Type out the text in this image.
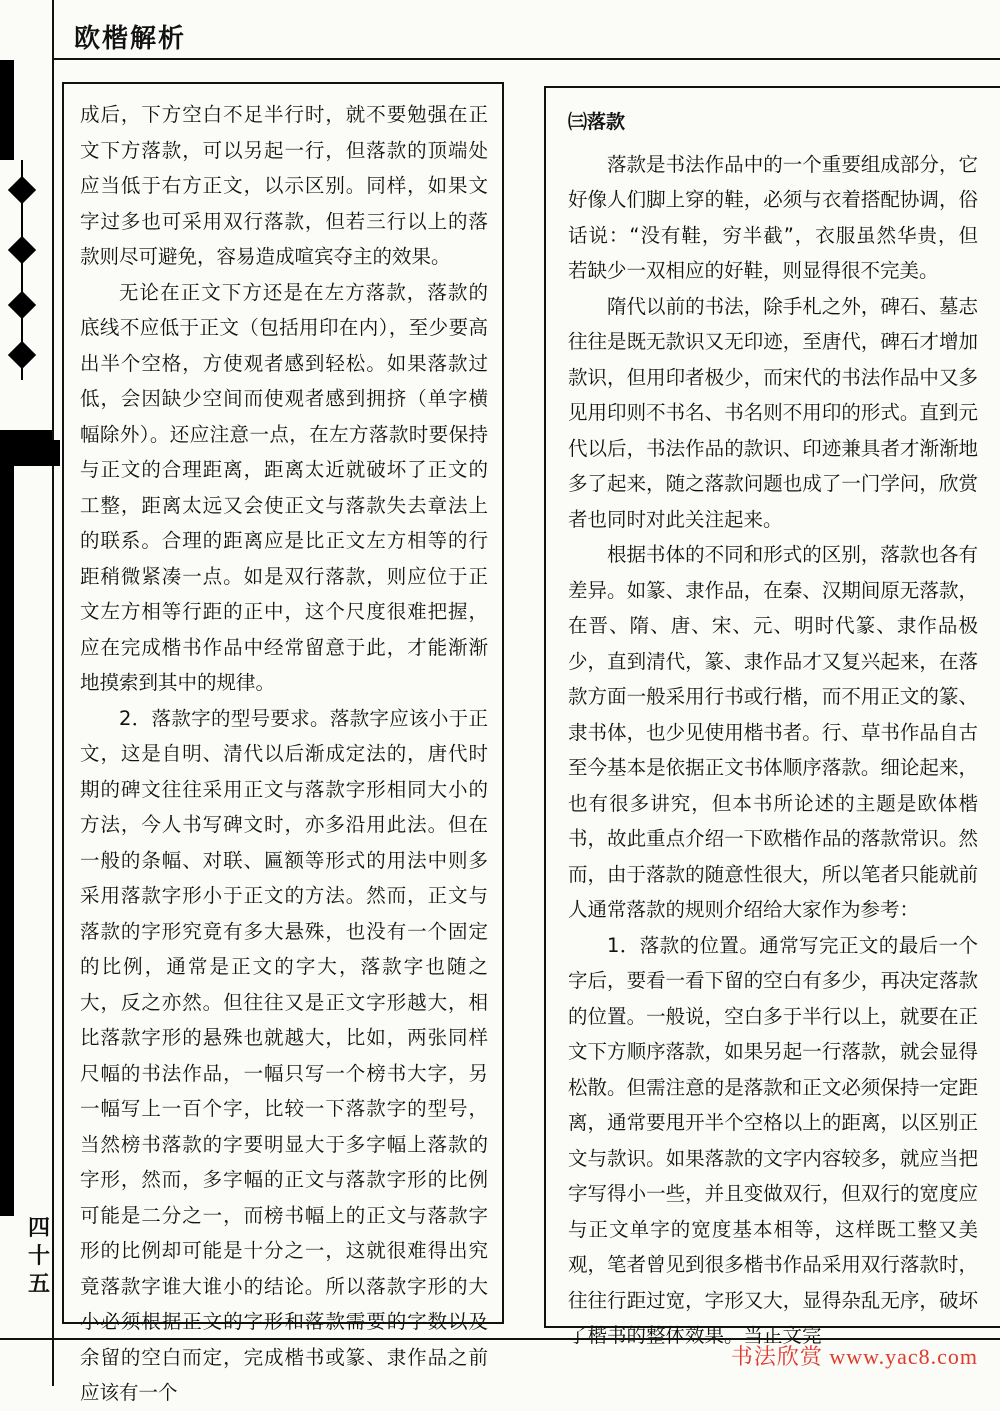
欧楷解析
四十五

成后，下方空白不足半行时，就不要勉强在正文下方落款，可以另起一行，但落款的顶端处应当低于右方正文，以示区别。同样，如果文字过多也可采用双行落款，但若三行以上的落款则尽可避免，容易造成喧宾夺主的效果。

无论在正文下方还是在左方落款，落款的底线不应低于正文（包括用印在内），至少要高出半个空格，方使观者感到轻松。如果落款过低，会因缺少空间而使观者感到拥挤（单字横幅除外）。还应注意一点，在左方落款时要保持与正文的合理距离，距离太近就破坏了正文的工整，距离太远又会使正文与落款失去章法上的联系。合理的距离应是比正文左方相等的行距稍微紧凑一点。如是双行落款，则应位于正文左方相等行距的正中，这个尺度很难把握，应在完成楷书作品中经常留意于此，才能渐渐地摸索到其中的规律。

2．落款字的型号要求。落款字应该小于正文，这是自明、清代以后渐成定法的，唐代时期的碑文往往采用正文与落款字形相同大小的方法，今人书写碑文时，亦多沿用此法。但在一般的条幅、对联、匾额等形式的用法中则多采用落款字形小于正文的方法。然而，正文与落款的字形究竟有多大悬殊，也没有一个固定的比例，通常是正文的字大，落款字也随之大，反之亦然。但往往又是正文字形越大，相比落款字形的悬殊也就越大，比如，两张同样尺幅的书法作品，一幅只写一个榜书大字，另一幅写上一百个字，比较一下落款字的型号，当然榜书落款的字要明显大于多字幅上落款的字形，然而，多字幅的正文与落款字形的比例可能是二分之一，而榜书幅上的正文与落款字形的比例却可能是十分之一，这就很难得出究竟落款字谁大谁小的结论。所以落款字形的大小必须根据正文的字形和落款需要的字数以及余留的空白而定，完成楷书或篆、隶作品之前应该有一个

㈢落款

落款是书法作品中的一个重要组成部分，它好像人们脚上穿的鞋，必须与衣着搭配协调，俗话说：“没有鞋，穷半截”，衣服虽然华贵，但若缺少一双相应的好鞋，则显得很不完美。

隋代以前的书法，除手札之外，碑石、墓志往往是既无款识又无印迹，至唐代，碑石才增加款识，但用印者极少，而宋代的书法作品中又多见用印则不书名、书名则不用印的形式。直到元代以后，书法作品的款识、印迹兼具者才渐渐地多了起来，随之落款问题也成了一门学问，欣赏者也同时对此关注起来。

根据书体的不同和形式的区别，落款也各有差异。如篆、隶作品，在秦、汉期间原无落款，在晋、隋、唐、宋、元、明时代篆、隶作品极少，直到清代，篆、隶作品才又复兴起来，在落款方面一般采用行书或行楷，而不用正文的篆、隶书体，也少见使用楷书者。行、草书作品自古至今基本是依据正文书体顺序落款。细论起来，也有很多讲究，但本书所论述的主题是欧体楷书，故此重点介绍一下欧楷作品的落款常识。然而，由于落款的随意性很大，所以笔者只能就前人通常落款的规则介绍给大家作为参考：

1．落款的位置。通常写完正文的最后一个字后，要看一看下留的空白有多少，再决定落款的位置。一般说，空白多于半行以上，就要在正文下方顺序落款，如果另起一行落款，就会显得松散。但需注意的是落款和正文必须保持一定距离，通常要甩开半个空格以上的距离，以区别正文与款识。如果落款的文字内容较多，就应当把字写得小一些，并且变做双行，但双行的宽度应与正文单字的宽度基本相等，这样既工整又美观，笔者曾见到很多楷书作品采用双行落款时，往往行距过宽，字形又大，显得杂乱无序，破坏了楷书的整体效果。当正文完

书法欣赏 www.yac8.com
